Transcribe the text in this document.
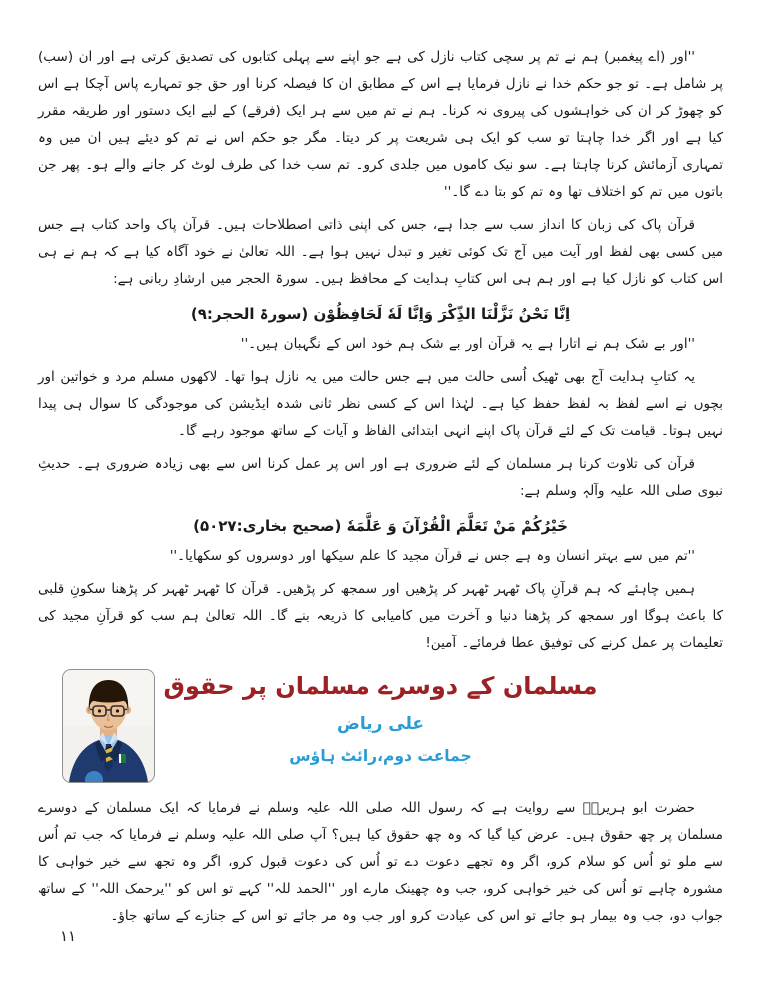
''اور (اے پیغمبر) ہم نے تم پر سچی کتاب نازل کی ہے جو اپنے سے پہلی کتابوں کی تصدیق کرتی ہے اور ان (سب) پر شامل ہے۔ تو جو حکم خدا نے نازل فرمایا ہے اس کے مطابق ان کا فیصلہ کرنا اور حق جو تمہارے پاس آچکا ہے اس کو چھوڑ کر ان کی خواہشوں کی پیروی نہ کرنا۔ ہم نے تم میں سے ہر ایک (فرقے) کے لیے ایک دستور اور طریقہ مقرر کیا ہے اور اگر خدا چاہتا تو سب کو ایک ہی شریعت پر کر دیتا۔ مگر جو حکم اس نے تم کو دیئے ہیں ان میں وہ تمہاری آزمائش کرنا چاہتا ہے۔ سو نیک کاموں میں جلدی کرو۔ تم سب خدا کی طرف لوٹ کر جانے والے ہو۔ پھر جن باتوں میں تم کو اختلاف تھا وہ تم کو بتا دے گا۔''

قرآن پاک کی زبان کا انداز سب سے جدا ہے، جس کی اپنی ذاتی اصطلاحات ہیں۔ قرآن پاک واحد کتاب ہے جس میں کسی بھی لفظ اور آیت میں آج تک کوئی تغیر و تبدل نہیں ہوا ہے۔ اللہ تعالیٰ نے خود آگاہ کیا ہے کہ ہم نے ہی اس کتاب کو نازل کیا ہے اور ہم ہی اس کتابِ ہدایت کے محافظ ہیں۔ سورۃ الحجر میں ارشادِ ربانی ہے:

اِنَّا نَحْنُ نَزَّلْنَا الذِّكْرَ وَاِنَّا لَهٗ لَحَافِظُوْن (سورۃ الحجر:۹)

''اور بے شک ہم نے اتارا ہے یہ قرآن اور بے شک ہم خود اس کے نگہبان ہیں۔''

یہ کتابِ ہدایت آج بھی ٹھیک اُسی حالت میں ہے جس حالت میں یہ نازل ہوا تھا۔ لاکھوں مسلم مرد و خواتین اور بچوں نے اسے لفظ بہ لفظ حفظ کیا ہے۔ لہٰذا اس کے کسی نظر ثانی شدہ ایڈیشن کی موجودگی کا سوال ہی پیدا نہیں ہوتا۔ قیامت تک کے لئے قرآن پاک اپنے انہی ابتدائی الفاظ و آیات کے ساتھ موجود رہے گا۔

قرآن کی تلاوت کرنا ہر مسلمان کے لئے ضروری ہے اور اس پر عمل کرنا اس سے بھی زیادہ ضروری ہے۔ حدیثِ نبوی صلی اللہ علیہ وآلہٖ وسلم ہے:

خَيْرُكُمْ مَنْ تَعَلَّمَ الْقُرْآنَ وَ عَلَّمَهٗ (صحیح بخاری:۵۰۲۷)

''تم میں سے بہتر انسان وہ ہے جس نے قرآن مجید کا علم سیکھا اور دوسروں کو سکھایا۔''

ہمیں چاہئے کہ ہم قرآنِ پاک ٹھہر ٹھہر کر پڑھیں اور سمجھ کر پڑھیں۔ قرآن کا ٹھہر ٹھہر کر پڑھنا سکونِ قلبی کا باعث ہوگا اور سمجھ کر پڑھنا دنیا و آخرت میں کامیابی کا ذریعہ بنے گا۔ اللہ تعالیٰ ہم سب کو قرآنِ مجید کی تعلیمات پر عمل کرنے کی توفیق عطا فرمائے۔ آمین!

مسلمان کے دوسرے مسلمان پر حقوق
علی ریاض
جماعت دوم،رائٹ ہاؤس

حضرت ابو ہریرہؓ سے روایت ہے کہ رسول اللہ صلی اللہ علیہ وسلم نے فرمایا کہ ایک مسلمان کے دوسرے مسلمان پر چھ حقوق ہیں۔ عرض کیا گیا کہ وہ چھ حقوق کیا ہیں؟ آپ صلی اللہ علیہ وسلم نے فرمایا کہ جب تم اُس سے ملو تو اُس کو سلام کرو، اگر وہ تجھے دعوت دے تو اُس کی دعوت قبول کرو، اگر وہ تجھ سے خیر خواہی کا مشورہ چاہے تو اُس کی خیر خواہی کرو، جب وہ چھینک مارے اور ''الحمد للہ'' کہے تو اس کو ''یرحمک اللہ'' کے ساتھ جواب دو، جب وہ بیمار ہو جائے تو اس کی عیادت کرو اور جب وہ مر جائے تو اس کے جنازے کے ساتھ جاؤ۔

۱۱
